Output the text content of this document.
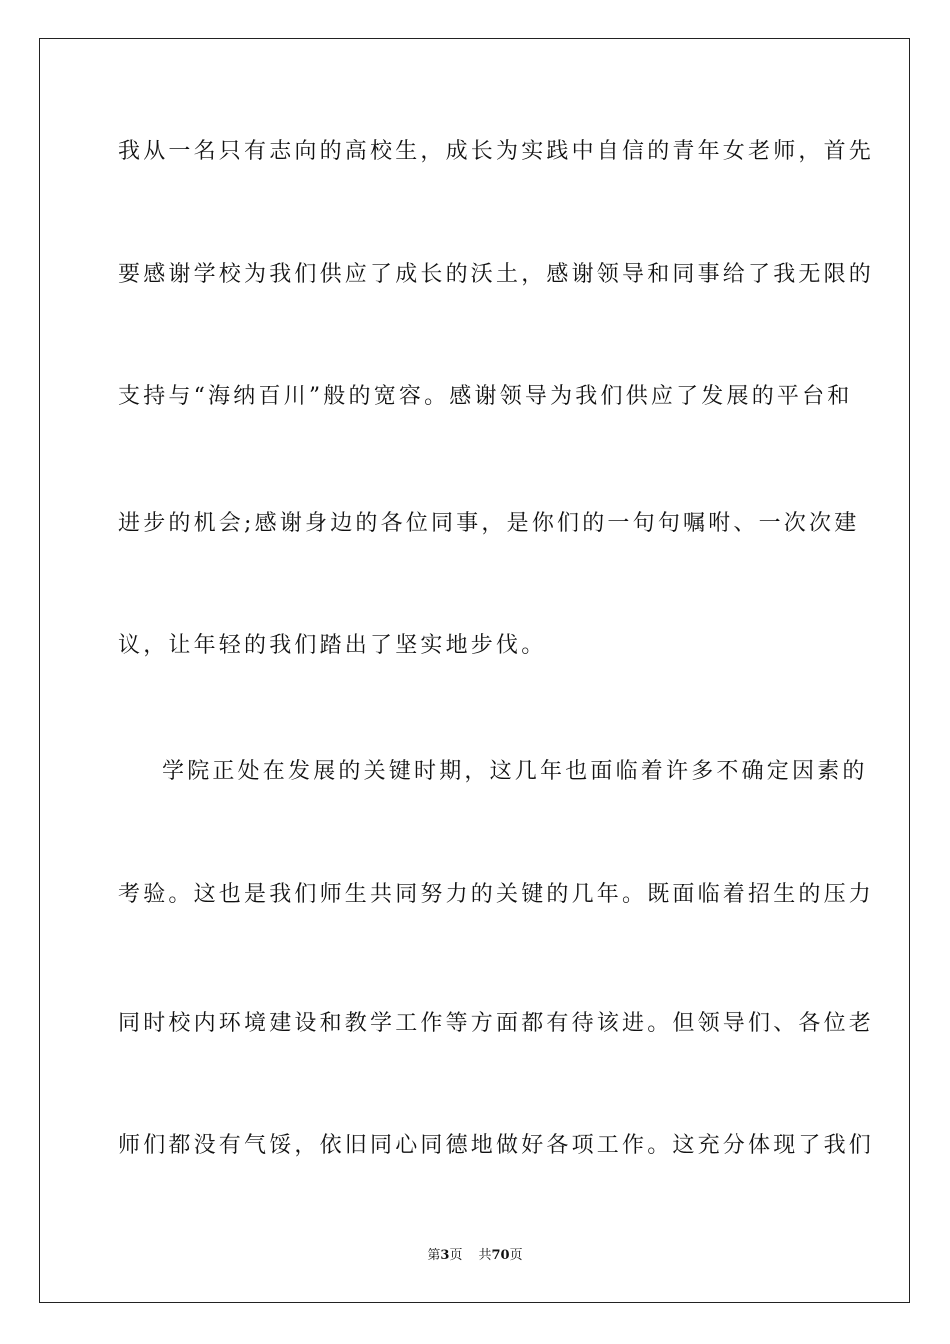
我从一名只有志向的高校生，成长为实践中自信的青年女老师，首先
要感谢学校为我们供应了成长的沃土，感谢领导和同事给了我无限的
支持与“海纳百川”般的宽容。感谢领导为我们供应了发展的平台和
进步的机会;感谢身边的各位同事，是你们的一句句嘱咐、一次次建
议，让年轻的我们踏出了坚实地步伐。
学院正处在发展的关键时期，这几年也面临着许多不确定因素的
考验。这也是我们师生共同努力的关键的几年。既面临着招生的压力
同时校内环境建设和教学工作等方面都有待该进。但领导们、各位老
师们都没有气馁，依旧同心同德地做好各项工作。这充分体现了我们
第3页 共70页
